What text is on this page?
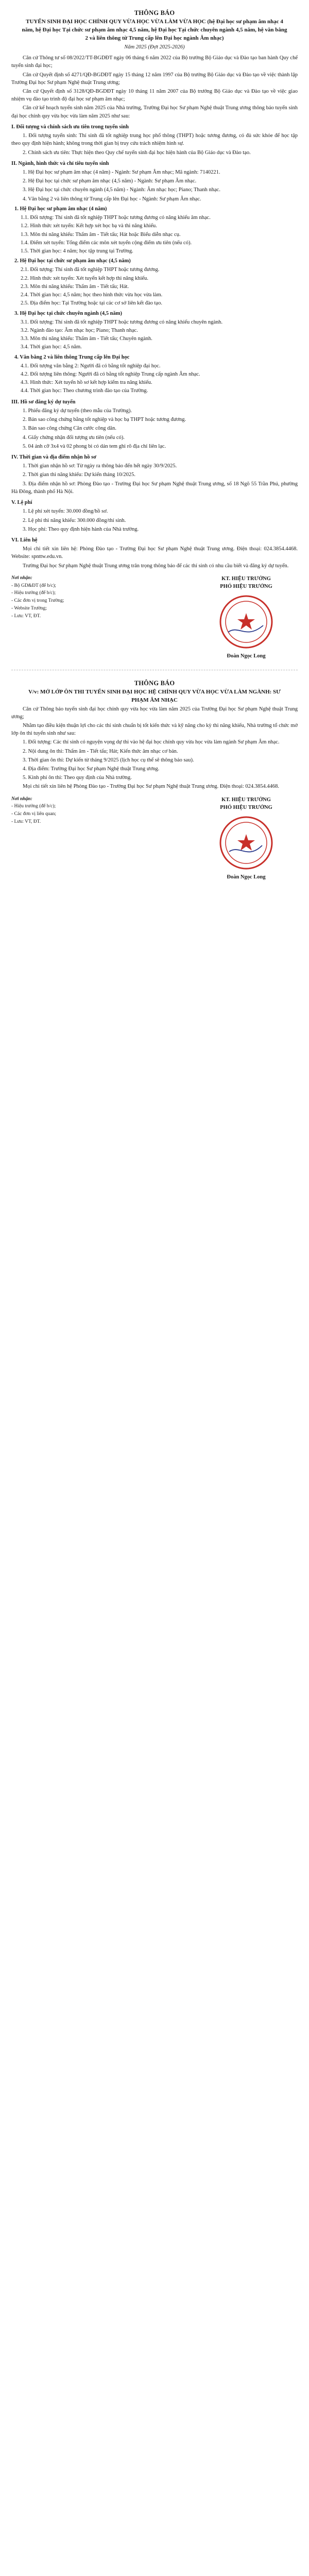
THÔNG BÁO
TUYỂN SINH ĐẠI HỌC CHÍNH QUY VỪA HỌC VỪA LÀM VỪA HỌC (hệ Đại học sư phạm âm nhạc 4 năm, hệ Đại học Tại chức sư phạm âm nhạc 4,5 năm, hệ Đại học Tại chức chuyên ngành 4,5 năm, hệ văn bằng 2 và liên thông từ Trung cấp lên Đại học ngành Âm nhạc)
Năm 2025 (Đợt 2025-2026)

Căn cứ Thông tư số 08/2022/TT-BGDĐT ngày 06 tháng 6 năm 2022 của Bộ trưởng Bộ Giáo dục và Đào tạo ban hành Quy chế tuyển sinh đại học;

Căn cứ Quyết định số 4271/QĐ-BGDĐT ngày 15 tháng 12 năm 1997 của Bộ trưởng Bộ Giáo dục và Đào tạo về việc thành lập Trường Đại học Sư phạm Nghệ thuật Trung ương;

Căn cứ Quyết định số 3128/QĐ-BGDĐT ngày 10 tháng 11 năm 2007 của Bộ trưởng Bộ Giáo dục và Đào tạo về việc giao nhiệm vụ đào tạo trình độ đại học sư phạm âm nhạc;

Căn cứ kế hoạch tuyển sinh năm 2025 của Nhà trường, Trường Đại học Sư phạm Nghệ thuật Trung ương thông báo tuyển sinh đại học chính quy vừa học vừa làm năm 2025 như sau:

I. Đối tượng và chính sách ưu tiên trong tuyển sinh

1. Đối tượng tuyển sinh: Thí sinh đã tốt nghiệp trung học phổ thông (THPT) hoặc tương đương, có đủ sức khỏe để học tập theo quy định hiện hành; không trong thời gian bị truy cứu trách nhiệm hình sự.

2. Chính sách ưu tiên: Thực hiện theo Quy chế tuyển sinh đại học hiện hành của Bộ Giáo dục và Đào tạo.

II. Ngành, hình thức và chỉ tiêu tuyển sinh

1. Hệ Đại học sư phạm âm nhạc (4 năm) - Ngành: Sư phạm Âm nhạc; Mã ngành: 7140221.

2. Hệ Đại học tại chức sư phạm âm nhạc (4,5 năm) - Ngành: Sư phạm Âm nhạc.

3. Hệ Đại học tại chức chuyên ngành (4,5 năm) - Ngành: Âm nhạc học; Piano; Thanh nhạc.

4. Văn bằng 2 và liên thông từ Trung cấp lên Đại học - Ngành: Sư phạm Âm nhạc.

1. Hệ Đại học sư phạm âm nhạc (4 năm)
1.1. Đối tượng: Thí sinh đã tốt nghiệp THPT hoặc tương đương có năng khiếu âm nhạc.
1.2. Hình thức xét tuyển: Kết hợp xét học bạ và thi năng khiếu.
1.3. Môn thi năng khiếu: Thẩm âm - Tiết tấu; Hát hoặc Biểu diễn nhạc cụ.
1.4. Điểm xét tuyển: Tổng điểm các môn xét tuyển cộng điểm ưu tiên (nếu có).
1.5. Thời gian học: 4 năm; học tập trung tại Trường.
2. Hệ Đại học tại chức sư phạm âm nhạc (4,5 năm)
2.1. Đối tượng: Thí sinh đã tốt nghiệp THPT hoặc tương đương.
2.2. Hình thức xét tuyển: Xét tuyển kết hợp thi năng khiếu.
2.3. Môn thi năng khiếu: Thẩm âm - Tiết tấu; Hát.
2.4. Thời gian học: 4,5 năm; học theo hình thức vừa học vừa làm.
2.5. Địa điểm học: Tại Trường hoặc tại các cơ sở liên kết đào tạo.
3. Hệ Đại học tại chức chuyên ngành (4,5 năm)
3.1. Đối tượng: Thí sinh đã tốt nghiệp THPT hoặc tương đương có năng khiếu chuyên ngành.
3.2. Ngành đào tạo: Âm nhạc học; Piano; Thanh nhạc.
3.3. Môn thi năng khiếu: Thẩm âm - Tiết tấu; Chuyên ngành.
3.4. Thời gian học: 4,5 năm.
4. Văn bằng 2 và liên thông Trung cấp lên Đại học
4.1. Đối tượng văn bằng 2: Người đã có bằng tốt nghiệp đại học.
4.2. Đối tượng liên thông: Người đã có bằng tốt nghiệp Trung cấp ngành Âm nhạc.
4.3. Hình thức: Xét tuyển hồ sơ kết hợp kiểm tra năng khiếu.
4.4. Thời gian học: Theo chương trình đào tạo của Trường.
III. Hồ sơ đăng ký dự tuyển

1. Phiếu đăng ký dự tuyển (theo mẫu của Trường).

2. Bản sao công chứng bằng tốt nghiệp và học bạ THPT hoặc tương đương.

3. Bản sao công chứng Căn cước công dân.

4. Giấy chứng nhận đối tượng ưu tiên (nếu có).

5. 04 ảnh cỡ 3x4 và 02 phong bì có dán tem ghi rõ địa chỉ liên lạc.

IV. Thời gian và địa điểm nhận hồ sơ

1. Thời gian nhận hồ sơ: Từ ngày ra thông báo đến hết ngày 30/9/2025.

2. Thời gian thi năng khiếu: Dự kiến tháng 10/2025.

3. Địa điểm nhận hồ sơ: Phòng Đào tạo - Trường Đại học Sư phạm Nghệ thuật Trung ương, số 18 Ngõ 55 Trần Phú, phường Hà Đông, thành phố Hà Nội.

V. Lệ phí

1. Lệ phí xét tuyển: 30.000 đồng/hồ sơ.

2. Lệ phí thi năng khiếu: 300.000 đồng/thí sinh.

3. Học phí: Theo quy định hiện hành của Nhà trường.

VI. Liên hệ

Mọi chi tiết xin liên hệ: Phòng Đào tạo - Trường Đại học Sư phạm Nghệ thuật Trung ương. Điện thoại: 024.3854.4468. Website: spnttw.edu.vn.

Trường Đại học Sư phạm Nghệ thuật Trung ương trân trọng thông báo để các thí sinh có nhu cầu biết và đăng ký dự tuyển.

Nơi nhận:
- Bộ GD&ĐT (để b/c);
- Hiệu trưởng (để b/c);
- Các đơn vị trong Trường;
- Website Trường;
- Lưu: VT, ĐT.
KT. HIỆU TRƯỞNG
PHÓ HIỆU TRƯỞNG
Đoàn Ngọc Long
THÔNG BÁO
V/v: MỞ LỚP ÔN THI TUYỂN SINH ĐẠI HỌC HỆ CHÍNH QUY VỪA HỌC VỪA LÀM NGÀNH: SƯ PHẠM ÂM NHẠC

Căn cứ Thông báo tuyển sinh đại học chính quy vừa học vừa làm năm 2025 của Trường Đại học Sư phạm Nghệ thuật Trung ương;

Nhằm tạo điều kiện thuận lợi cho các thí sinh chuẩn bị tốt kiến thức và kỹ năng cho kỳ thi năng khiếu, Nhà trường tổ chức mở lớp ôn thi tuyển sinh như sau:

1. Đối tượng: Các thí sinh có nguyện vọng dự thi vào hệ đại học chính quy vừa học vừa làm ngành Sư phạm Âm nhạc.

2. Nội dung ôn thi: Thẩm âm - Tiết tấu; Hát; Kiến thức âm nhạc cơ bản.

3. Thời gian ôn thi: Dự kiến từ tháng 9/2025 (lịch học cụ thể sẽ thông báo sau).

4. Địa điểm: Trường Đại học Sư phạm Nghệ thuật Trung ương.

5. Kinh phí ôn thi: Theo quy định của Nhà trường.

Mọi chi tiết xin liên hệ Phòng Đào tạo - Trường Đại học Sư phạm Nghệ thuật Trung ương. Điện thoại: 024.3854.4468.

Nơi nhận:
- Hiệu trưởng (để b/c);
- Các đơn vị liên quan;
- Lưu: VT, ĐT.
KT. HIỆU TRƯỞNG
PHÓ HIỆU TRƯỞNG
Đoàn Ngọc Long
